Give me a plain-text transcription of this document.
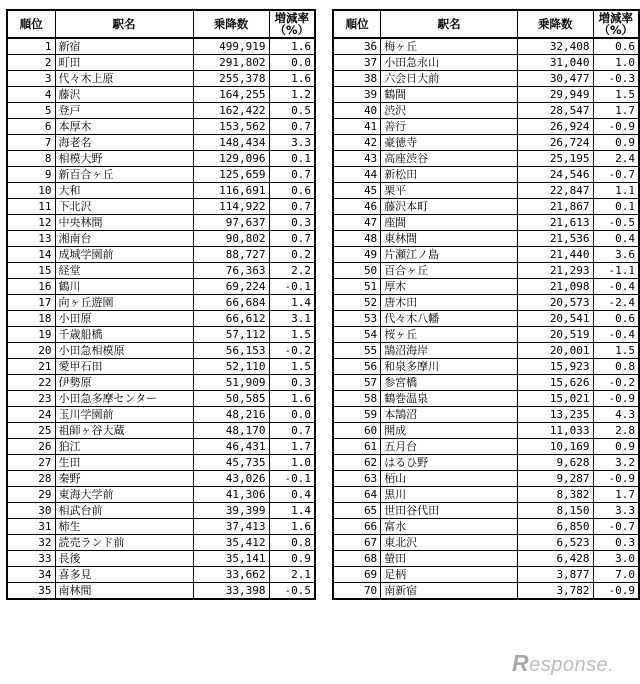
順位	駅名	乗降数	増減率
（%）
1	新宿	499,919	1.6
2	町田	291,802	0.0
3	代々木上原	255,378	1.6
4	藤沢	164,255	1.2
5	登戸	162,422	0.5
6	本厚木	153,562	0.7
7	海老名	148,434	3.3
8	相模大野	129,096	0.1
9	新百合ヶ丘	125,659	0.7
10	大和	116,691	0.6
11	下北沢	114,922	0.7
12	中央林間	97,637	0.3
13	湘南台	90,802	0.7
14	成城学園前	88,727	0.2
15	経堂	76,363	2.2
16	鶴川	69,224	-0.1
17	向ヶ丘遊園	66,684	1.4
18	小田原	66,612	3.1
19	千歳船橋	57,112	1.5
20	小田急相模原	56,153	-0.2
21	愛甲石田	52,110	1.5
22	伊勢原	51,909	0.3
23	小田急多摩センター	50,585	1.6
24	玉川学園前	48,216	0.0
25	祖師ヶ谷大蔵	48,170	0.7
26	狛江	46,431	1.7
27	生田	45,735	1.0
28	秦野	43,026	-0.1
29	東海大学前	41,306	0.4
30	相武台前	39,399	1.4
31	柿生	37,413	1.6
32	読売ランド前	35,412	0.8
33	長後	35,141	0.9
34	喜多見	33,662	2.1
35	南林間	33,398	-0.5
順位	駅名	乗降数	増減率
（%）
36	梅ヶ丘	32,408	0.6
37	小田急永山	31,040	1.0
38	六会日大前	30,477	-0.3
39	鶴間	29,949	1.5
40	渋沢	28,547	1.7
41	善行	26,924	-0.9
42	豪徳寺	26,724	0.9
43	高座渋谷	25,195	2.4
44	新松田	24,546	-0.7
45	栗平	22,847	1.1
46	藤沢本町	21,867	0.1
47	座間	21,613	-0.5
48	東林間	21,536	0.4
49	片瀬江ノ島	21,440	3.6
50	百合ヶ丘	21,293	-1.1
51	厚木	21,098	-0.4
52	唐木田	20,573	-2.4
53	代々木八幡	20,541	0.6
54	桜ヶ丘	20,519	-0.4
55	鵠沼海岸	20,001	1.5
56	和泉多摩川	15,923	0.8
57	参宮橋	15,626	-0.2
58	鶴巻温泉	15,021	-0.9
59	本鵠沼	13,235	4.3
60	開成	11,033	2.8
61	五月台	10,169	0.9
62	はるひ野	9,628	3.2
63	栢山	9,287	-0.9
64	黒川	8,382	1.7
65	世田谷代田	8,150	3.3
66	富水	6,850	-0.7
67	東北沢	6,523	0.3
68	螢田	6,428	3.0
69	足柄	3,877	7.0
70	南新宿	3,782	-0.9
Response.
